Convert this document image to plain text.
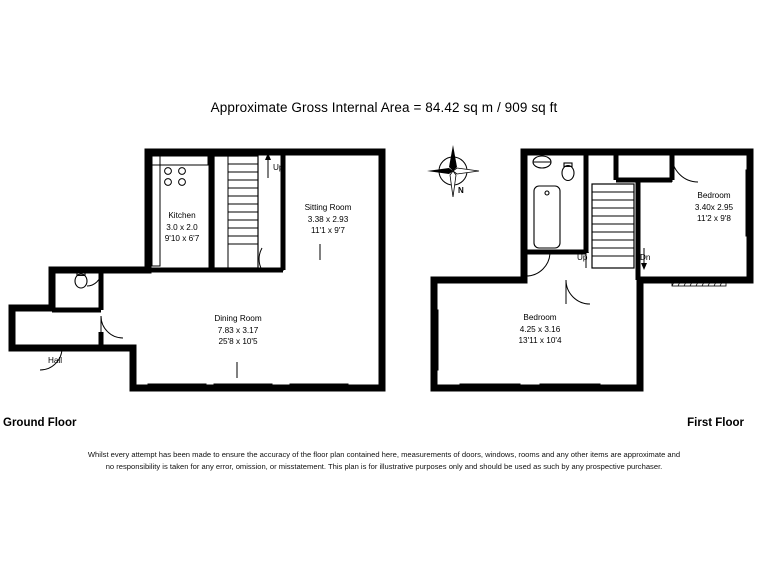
Approximate Gross Internal Area = 84.42 sq m / 909 sq ft
Kitchen
3.0 x 2.0
9'10 x 6'7
Sitting Room
3.38 x 2.93
11'1 x 9'7
Dining Room
7.83 x 3.17
25'8 x 10'5
Hall
Up
N
Bedroom
3.40x 2.95
11'2 x 9'8
Bedroom
4.25 x 3.16
13'11 x 10'4
Up	Dn
Ground Floor	First Floor
Whilst every attempt has been made to ensure the accuracy of the floor plan contained here, measurements of doors, windows, rooms and any other items are approximate and no responsibility is taken for any error, omission, or misstatement. This plan is for illustrative purposes only and should be used as such by any prospective purchaser.
